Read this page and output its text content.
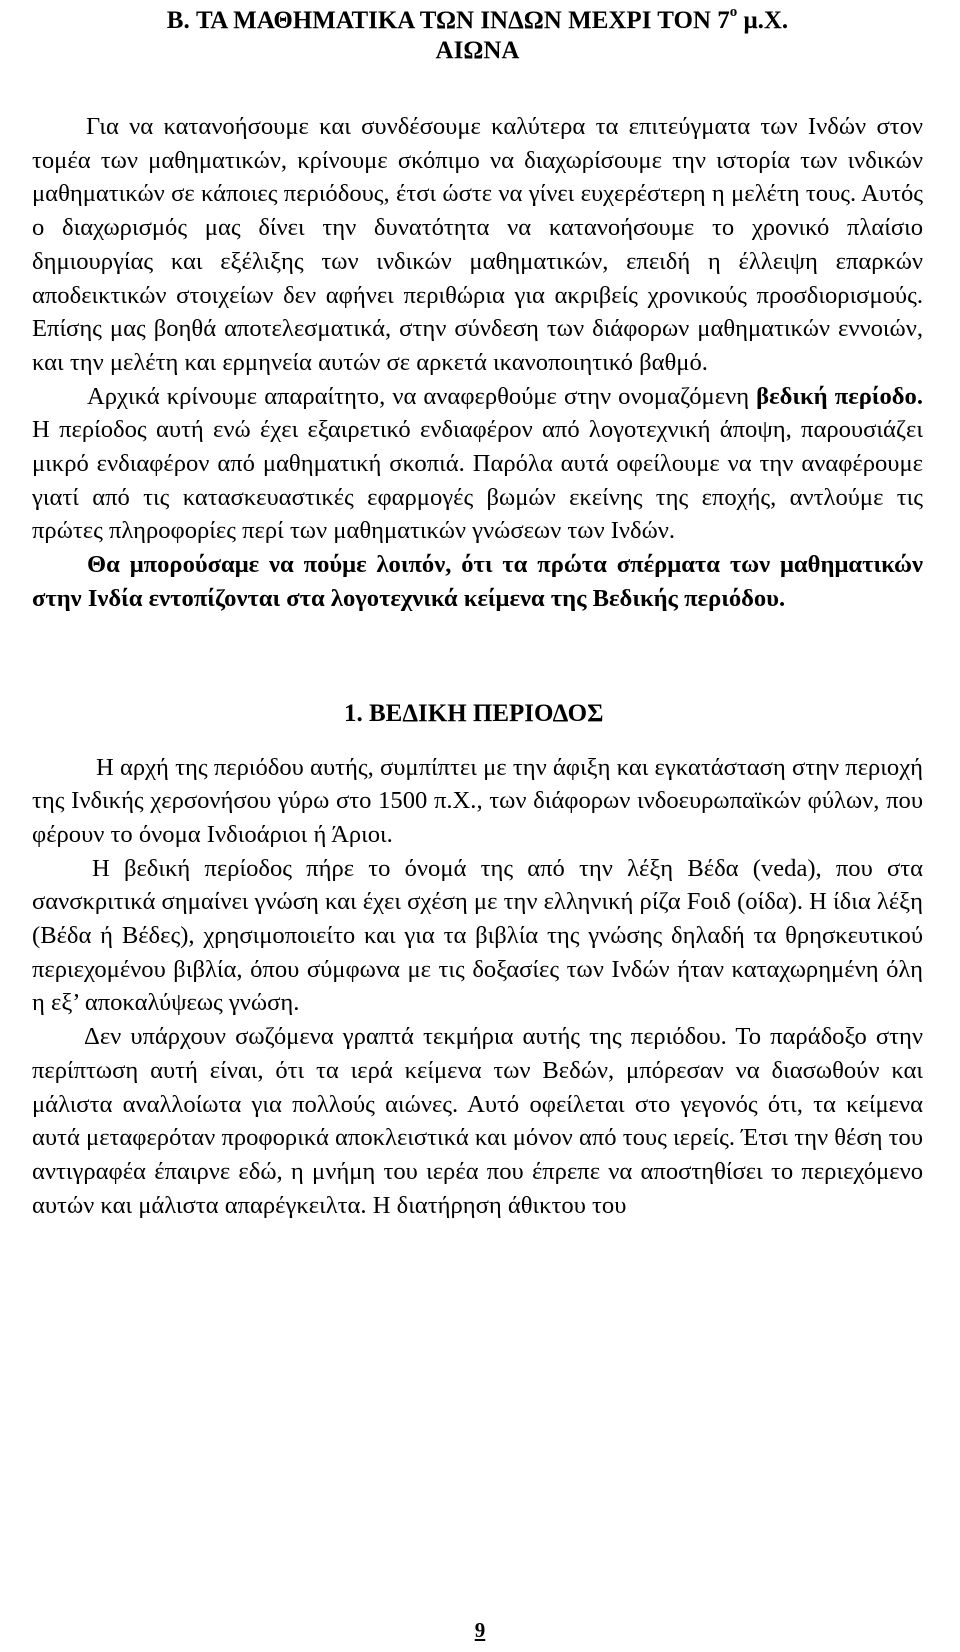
B. ΤΑ ΜΑΘΗΜΑΤΙΚΑ ΤΩΝ ΙΝΔΩΝ ΜΕΧΡΙ ΤΟΝ $7^o$ μ.Χ.
ΑΙΩΝΑ

Για να κατανοήσουμε και συνδέσουμε καλύτερα τα επιτεύγματα των Ινδών στον τομέα των μαθηματικών, κρίνουμε σκόπιμο να διαχωρίσουμε την ιστορία των ινδικών μαθηματικών σε κάποιες περιόδους, έτσι ώστε να γίνει ευχερέστερη η μελέτη τους. Αυτός ο διαχωρισμός μας δίνει την δυνατότητα να κατανοήσουμε το χρονικό πλαίσιο δημιουργίας και εξέλιξης των ινδικών μαθηματικών, επειδή η έλλειψη επαρκών αποδεικτικών στοιχείων δεν αφήνει περιθώρια για ακριβείς χρονικούς προσδιορισμούς. Επίσης μας βοηθά αποτελεσματικά, στην σύνδεση των διάφορων μαθηματικών εννοιών, και την μελέτη και ερμηνεία αυτών σε αρκετά ικανοποιητικό βαθμό.

Αρχικά κρίνουμε απαραίτητο, να αναφερθούμε στην ονομαζόμενη βεδική περίοδο. Η περίοδος αυτή ενώ έχει εξαιρετικό ενδιαφέρον από λογοτεχνική άποψη, παρουσιάζει μικρό ενδιαφέρον από μαθηματική σκοπιά. Παρόλα αυτά οφείλουμε να την αναφέρουμε γιατί από τις κατασκευαστικές εφαρμογές βωμών εκείνης της εποχής, αντλούμε τις πρώτες πληροφορίες περί των μαθηματικών γνώσεων των Ινδών.

Θα μπορούσαμε να πούμε λοιπόν, ότι τα πρώτα σπέρματα των μαθηματικών στην Ινδία εντοπίζονται στα λογοτεχνικά κείμενα της Βεδικής περιόδου.

1. ΒΕΔΙΚΗ ΠΕΡΙΟΔΟΣ

Η αρχή της περιόδου αυτής, συμπίπτει με την άφιξη και εγκατάσταση στην περιοχή της Ινδικής χερσονήσου γύρω στο 1500 π.Χ., των διάφορων ινδοευρωπαϊκών φύλων, που φέρουν το όνομα Ινδιοάριοι ή Άριοι.

Η βεδική περίοδος πήρε το όνομά της από την λέξη Βέδα (veda), που στα σανσκριτικά σημαίνει γνώση και έχει σχέση με την ελληνική ρίζα Fοιδ (οίδα). Η ίδια λέξη (Βέδα ή Βέδες), χρησιμοποιείτο και για τα βιβλία της γνώσης δηλαδή τα θρησκευτικού περιεχομένου βιβλία, όπου σύμφωνα με τις δοξασίες των Ινδών ήταν καταχωρημένη όλη η εξ’ αποκαλύψεως γνώση.

Δεν υπάρχουν σωζόμενα γραπτά τεκμήρια αυτής της περιόδου. Το παράδοξο στην περίπτωση αυτή είναι, ότι τα ιερά κείμενα των Βεδών, μπόρεσαν να διασωθούν και μάλιστα αναλλοίωτα για πολλούς αιώνες. Αυτό οφείλεται στο γεγονός ότι, τα κείμενα αυτά μεταφερόταν προφορικά αποκλειστικά και μόνον από τους ιερείς. Έτσι την θέση του αντιγραφέα έπαιρνε εδώ, η μνήμη του ιερέα που έπρεπε να αποστηθίσει το περιεχόμενο αυτών και μάλιστα απαρέγκειλτα. Η διατήρηση άθικτου του

9
